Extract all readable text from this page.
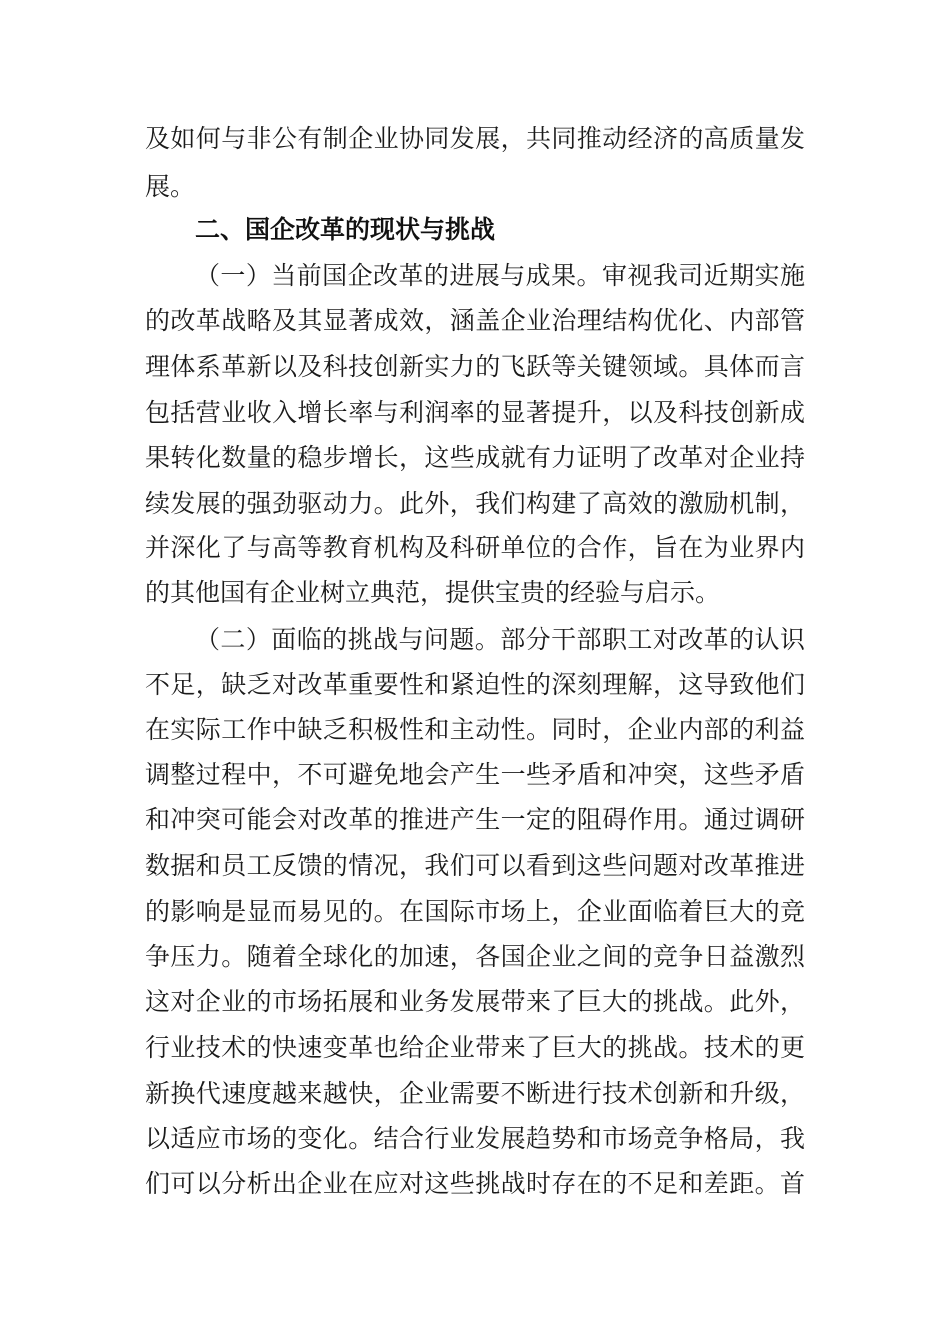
及如何与非公有制企业协同发展，共同推动经济的高质量发
展。
二、国企改革的现状与挑战
（一）当前国企改革的进展与成果。审视我司近期实施
的改革战略及其显著成效，涵盖企业治理结构优化、内部管
理体系革新以及科技创新实力的飞跃等关键领域。具体而言
包括营业收入增长率与利润率的显著提升，以及科技创新成
果转化数量的稳步增长，这些成就有力证明了改革对企业持
续发展的强劲驱动力。此外，我们构建了高效的激励机制，
并深化了与高等教育机构及科研单位的合作，旨在为业界内
的其他国有企业树立典范，提供宝贵的经验与启示。
（二）面临的挑战与问题。部分干部职工对改革的认识
不足，缺乏对改革重要性和紧迫性的深刻理解，这导致他们
在实际工作中缺乏积极性和主动性。同时，企业内部的利益
调整过程中，不可避免地会产生一些矛盾和冲突，这些矛盾
和冲突可能会对改革的推进产生一定的阻碍作用。通过调研
数据和员工反馈的情况，我们可以看到这些问题对改革推进
的影响是显而易见的。在国际市场上，企业面临着巨大的竞
争压力。随着全球化的加速，各国企业之间的竞争日益激烈
这对企业的市场拓展和业务发展带来了巨大的挑战。此外，
行业技术的快速变革也给企业带来了巨大的挑战。技术的更
新换代速度越来越快，企业需要不断进行技术创新和升级，
以适应市场的变化。结合行业发展趋势和市场竞争格局，我
们可以分析出企业在应对这些挑战时存在的不足和差距。首
